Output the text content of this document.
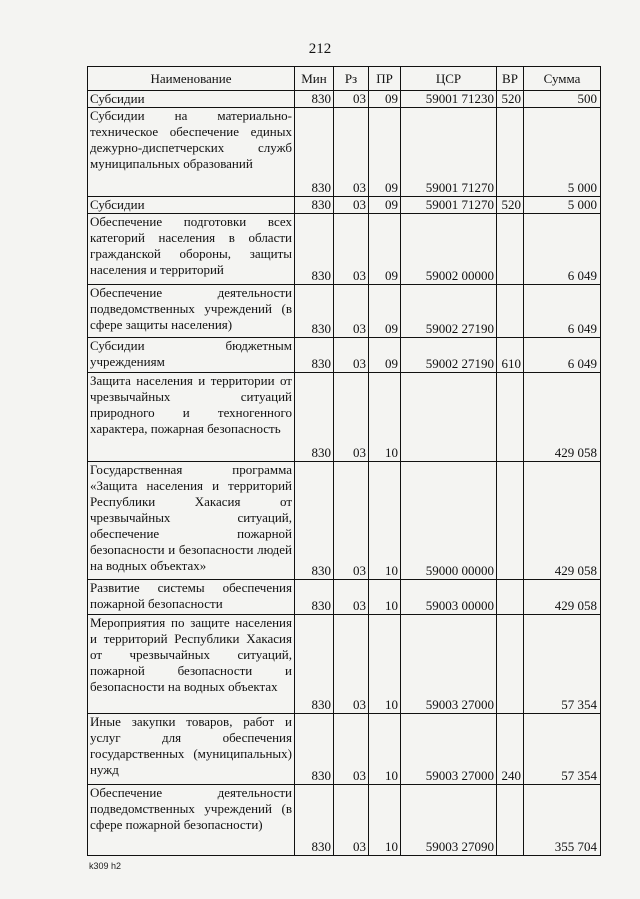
212
Наименование	Мин	Рз	ПР	ЦСР	ВР	Сумма
Субсидии	830	03	09	59001 71230	520	500
Субсидии на материально-техническое обеспечение единых дежурно-диспетчерских служб муниципальных образований	830	03	09	59001 71270		5 000
Субсидии	830	03	09	59001 71270	520	5 000
Обеспечение подготовки всех категорий населения в области гражданской обороны, защиты населения и территорий	830	03	09	59002 00000		6 049
Обеспечение деятельности подведомственных учреждений (в сфере защиты населения)	830	03	09	59002 27190		6 049
Субсидии бюджетным учреждениям	830	03	09	59002 27190	610	6 049
Защита населения и территории от чрезвычайных ситуаций природного и техногенного характера, пожарная безопасность	830	03	10			429 058
Государственная программа «Защита населения и территорий Республики Хакасия от чрезвычайных ситуаций, обеспечение пожарной безопасности и безопасности людей на водных объектах»	830	03	10	59000 00000		429 058
Развитие системы обеспечения пожарной безопасности	830	03	10	59003 00000		429 058
Мероприятия по защите населения и территорий Республики Хакасия от чрезвычайных ситуаций, пожарной безопасности и безопасности на водных объектах	830	03	10	59003 27000		57 354
Иные закупки товаров, работ и услуг для обеспечения государственных (муниципальных) нужд	830	03	10	59003 27000	240	57 354
Обеспечение деятельности подведомственных учреждений (в сфере пожарной безопасности)	830	03	10	59003 27090		355 704
k309 h2
